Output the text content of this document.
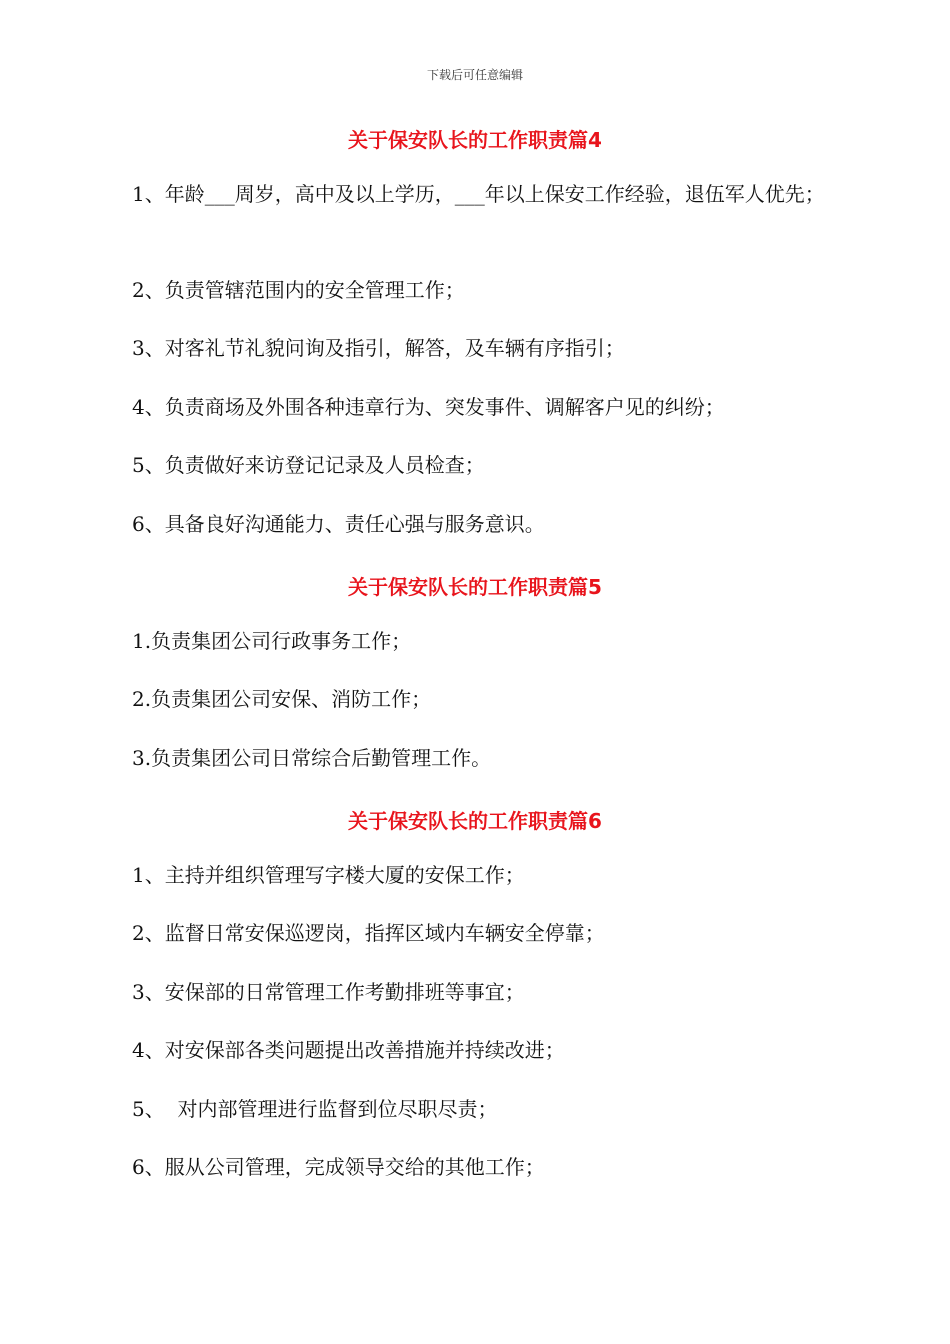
下载后可任意编辑
关于保安队长的工作职责篇4
1、年龄___周岁，高中及以上学历，___年以上保安工作经验，退伍军人优先；
2、负责管辖范围内的安全管理工作；
3、对客礼节礼貌问询及指引，解答，及车辆有序指引；
4、负责商场及外围各种违章行为、突发事件、调解客户见的纠纷；
5、负责做好来访登记记录及人员检查；
6、具备良好沟通能力、责任心强与服务意识。
关于保安队长的工作职责篇5
1.负责集团公司行政事务工作；
2.负责集团公司安保、消防工作；
3.负责集团公司日常综合后勤管理工作。
关于保安队长的工作职责篇6
1、主持并组织管理写字楼大厦的安保工作；
2、监督日常安保巡逻岗，指挥区域内车辆安全停靠；
3、安保部的日常管理工作考勤排班等事宜；
4、对安保部各类问题提出改善措施并持续改进；
5、  对内部管理进行监督到位尽职尽责；
6、服从公司管理，完成领导交给的其他工作；
